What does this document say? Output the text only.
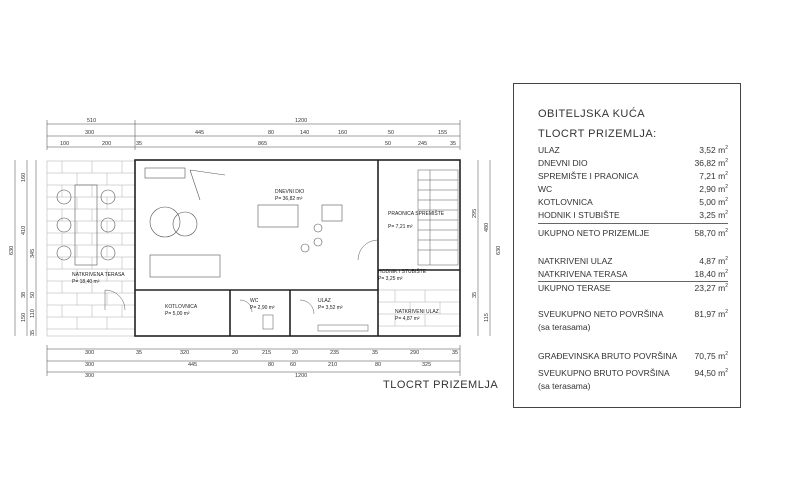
NATKRIVENA TERASA
P= 18,40 m²
DNEVNI DIO
P= 36,82 m²
PRAONICA SPREMIŠTE
P= 7,21 m²
HODNIK I STUBIŠTE
P= 3,25 m²
KOTLOVNICA
P= 5,00 m²
WC
P= 2,90 m²
ULAZ
P= 3,52 m²
NATKRIVENI ULAZ
P= 4,87 m²
510	1200
300	445	80	140	160	50	155
100	200	35	865	50	245	35
300	35	320	20	215	20	235	35	290	35
300	445	80	60	210	80	325
300	1200
630
160
410
345
50
38
150 110
35
295
480
630
35
115
TLOCRT PRIZEMLJA
OBITELJSKA KUĆA
TLOCRT PRIZEMLJA:
ULAZ	3,52 $m^2$
DNEVNI DIO	36,82 $m^2$
SPREMIŠTE I PRAONICA	7,21 $m^2$
WC	2,90 $m^2$
KOTLOVNICA	5,00 $m^2$
HODNIK I STUBIŠTE	3,25 $m^2$
UKUPNO NETO PRIZEMLJE	58,70 $m^2$
NATKRIVENI ULAZ	4,87 $m^2$
NATKRIVENA TERASA	18,40 $m^2$
UKUPNO TERASE	23,27 $m^2$
SVEUKUPNO NETO POVRŠINA	81,97 $m^2$
(sa terasama)
GRAĐEVINSKA BRUTO POVRŠINA 70,75 $m^2$
SVEUKUPNO BRUTO POVRŠINA	94,50 $m^2$
(sa terasama)
